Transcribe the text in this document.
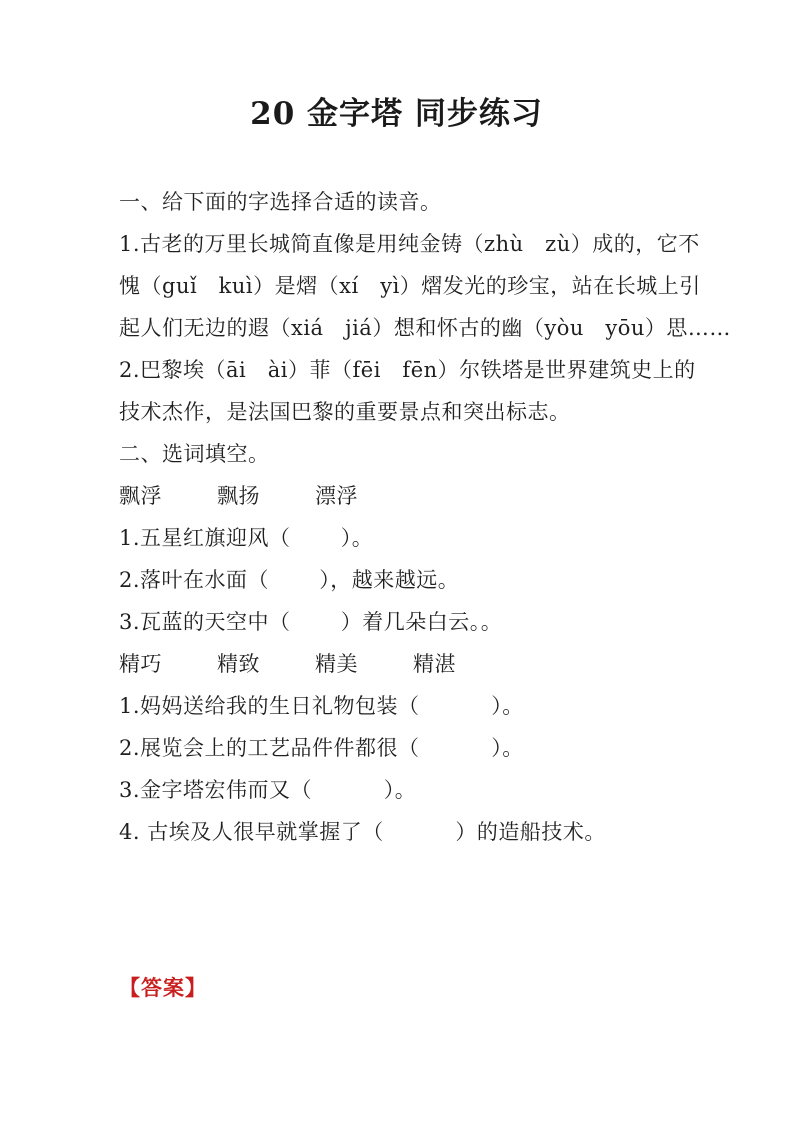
20 金字塔 同步练习
一、给下面的字选择合适的读音。
1.古老的万里长城简直像是用纯金铸（zhù　zù）成的，它不
愧（guǐ　kuì）是熠（xí　yì）熠发光的珍宝，站在长城上引
起人们无边的遐（xiá　jiá）想和怀古的幽（yòu　yōu）思……
2.巴黎埃（āi　ài）菲（fēi　fēn）尔铁塔是世界建筑史上的
技术杰作，是法国巴黎的重要景点和突出标志。
二、选词填空。
飘浮	飘扬	漂浮
1.五星红旗迎风（　　 ）。
2.落叶在水面（　　 ），越来越远。
3.瓦蓝的天空中（　　 ）着几朵白云。。
精巧	精致	精美	精湛
1.妈妈送给我的生日礼物包装（　　　 ）。
2.展览会上的工艺品件件都很（　　　 ）。
3.金字塔宏伟而又（　　　 ）。
4. 古埃及人很早就掌握了（　　　 ）的造船技术。
【答案】
